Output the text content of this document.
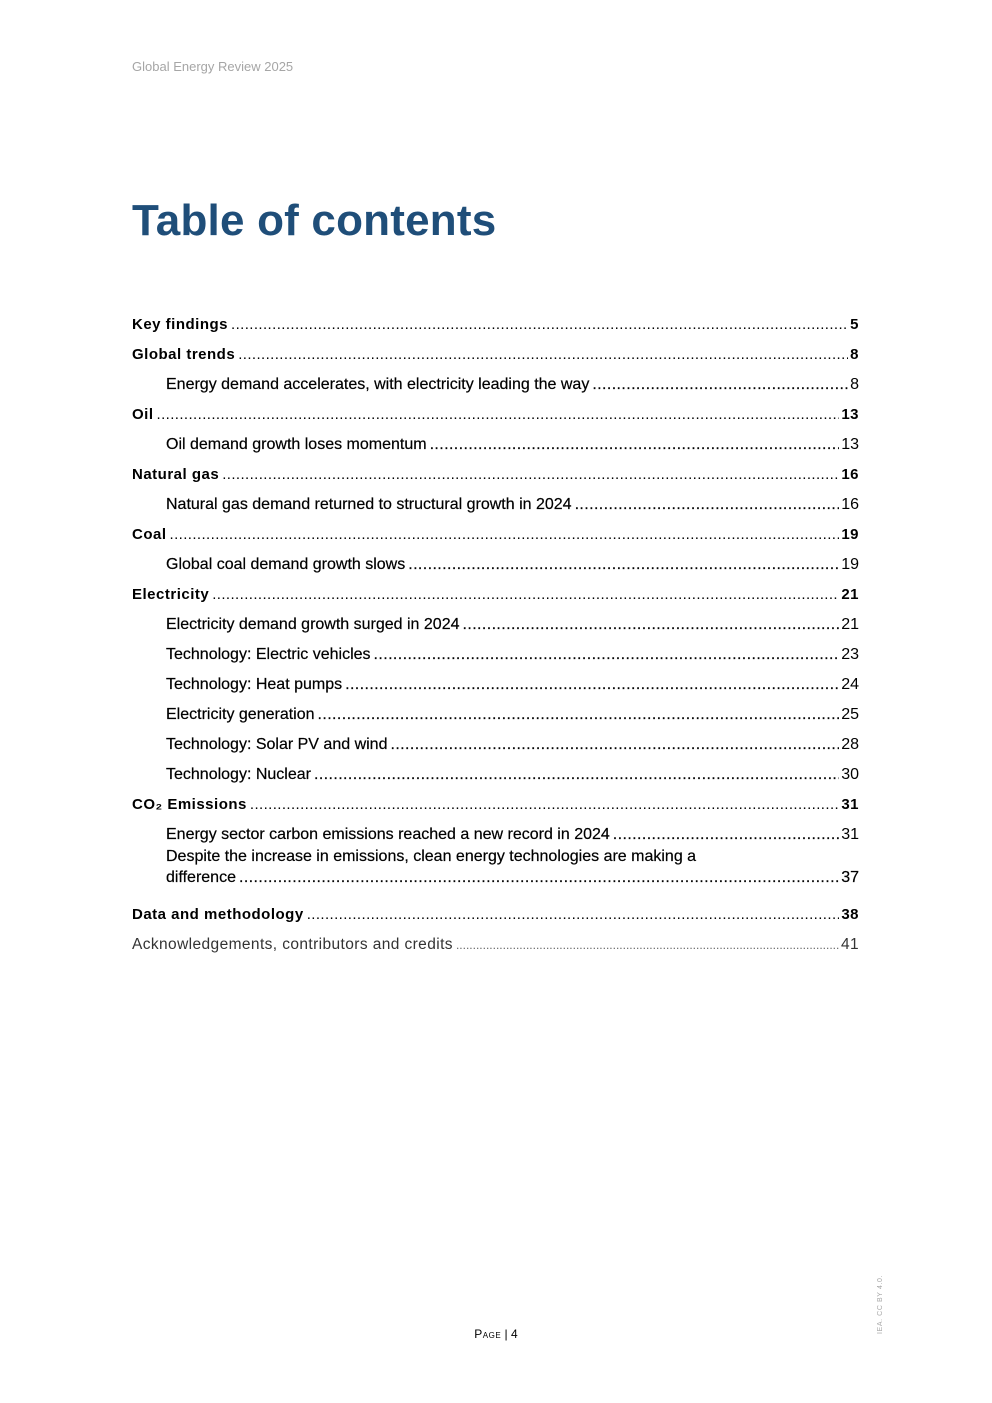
Global Energy Review 2025
Table of contents
Key findings .....	5
Global trends .....	8
Energy demand accelerates, with electricity leading the way .....	8
Oil .....	13
Oil demand growth loses momentum .....	13
Natural gas .....	16
Natural gas demand returned to structural growth in 2024 .....	16
Coal .....	19
Global coal demand growth slows .....	19
Electricity .....	21
Electricity demand growth surged in 2024 .....	21
Technology: Electric vehicles .....	23
Technology: Heat pumps .....	24
Electricity generation .....	25
Technology: Solar PV and wind .....	28
Technology: Nuclear .....	30
CO₂ Emissions .....	31
Energy sector carbon emissions reached a new record in 2024 .....	31
Despite the increase in emissions, clean energy technologies are making a
difference .....	37
Data and methodology .....	38
Acknowledgements, contributors and credits .....	41
Page | 4	IEA. CC BY 4.0.
